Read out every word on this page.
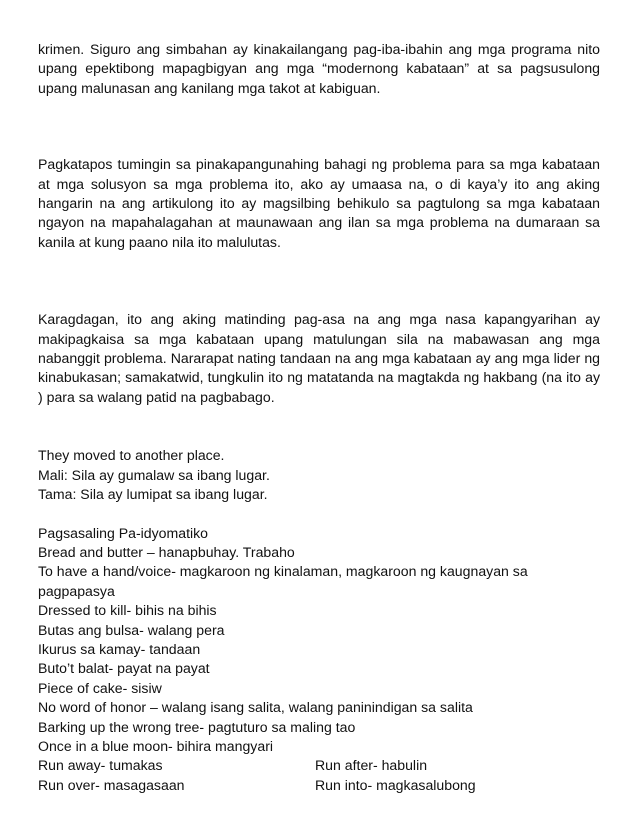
krimen. Siguro ang simbahan ay kinakailangang pag-iba-ibahin ang mga programa nito upang epektibong mapagbigyan ang mga “modernong kabataan” at sa pagsusulong upang malunasan ang kanilang mga takot at kabiguan.

Pagkatapos tumingin sa pinakapangunahing bahagi ng problema para sa mga kabataan at mga solusyon sa mga problema ito, ako ay umaasa na, o di kaya’y ito ang aking hangarin na ang artikulong ito ay magsilbing behikulo sa pagtulong sa mga kabataan ngayon na mapahalagahan at maunawaan ang ilan sa mga problema na dumaraan sa kanila at kung paano nila ito malulutas.

Karagdagan, ito ang aking matinding pag-asa na ang mga nasa kapangyarihan ay makipagkaisa sa mga kabataan upang matulungan sila na mabawasan ang mga nabanggit problema. Nararapat nating tandaan na ang mga kabataan ay ang mga lider ng kinabukasan; samakatwid, tungkulin ito ng matatanda na magtakda ng hakbang (na ito ay ) para sa walang patid na pagbabago.

They moved to another place.

Mali: Sila ay gumalaw sa ibang lugar.

Tama: Sila ay lumipat sa ibang lugar.

Pagsasaling Pa-idyomatiko

Bread and butter – hanapbuhay. Trabaho

To have a hand/voice- magkaroon ng kinalaman, magkaroon ng kaugnayan sa pagpapasya

Dressed to kill- bihis na bihis

Butas ang bulsa- walang pera

Ikurus sa kamay- tandaan

Buto’t balat- payat na payat

Piece of cake- sisiw

No word of honor – walang isang salita, walang paninindigan sa salita

Barking up the wrong tree- pagtuturo sa maling tao

Once in a blue moon- bihira mangyari

Run away- tumakas	Run after- habulin
Run over- masagasaan	Run into- magkasalubong
